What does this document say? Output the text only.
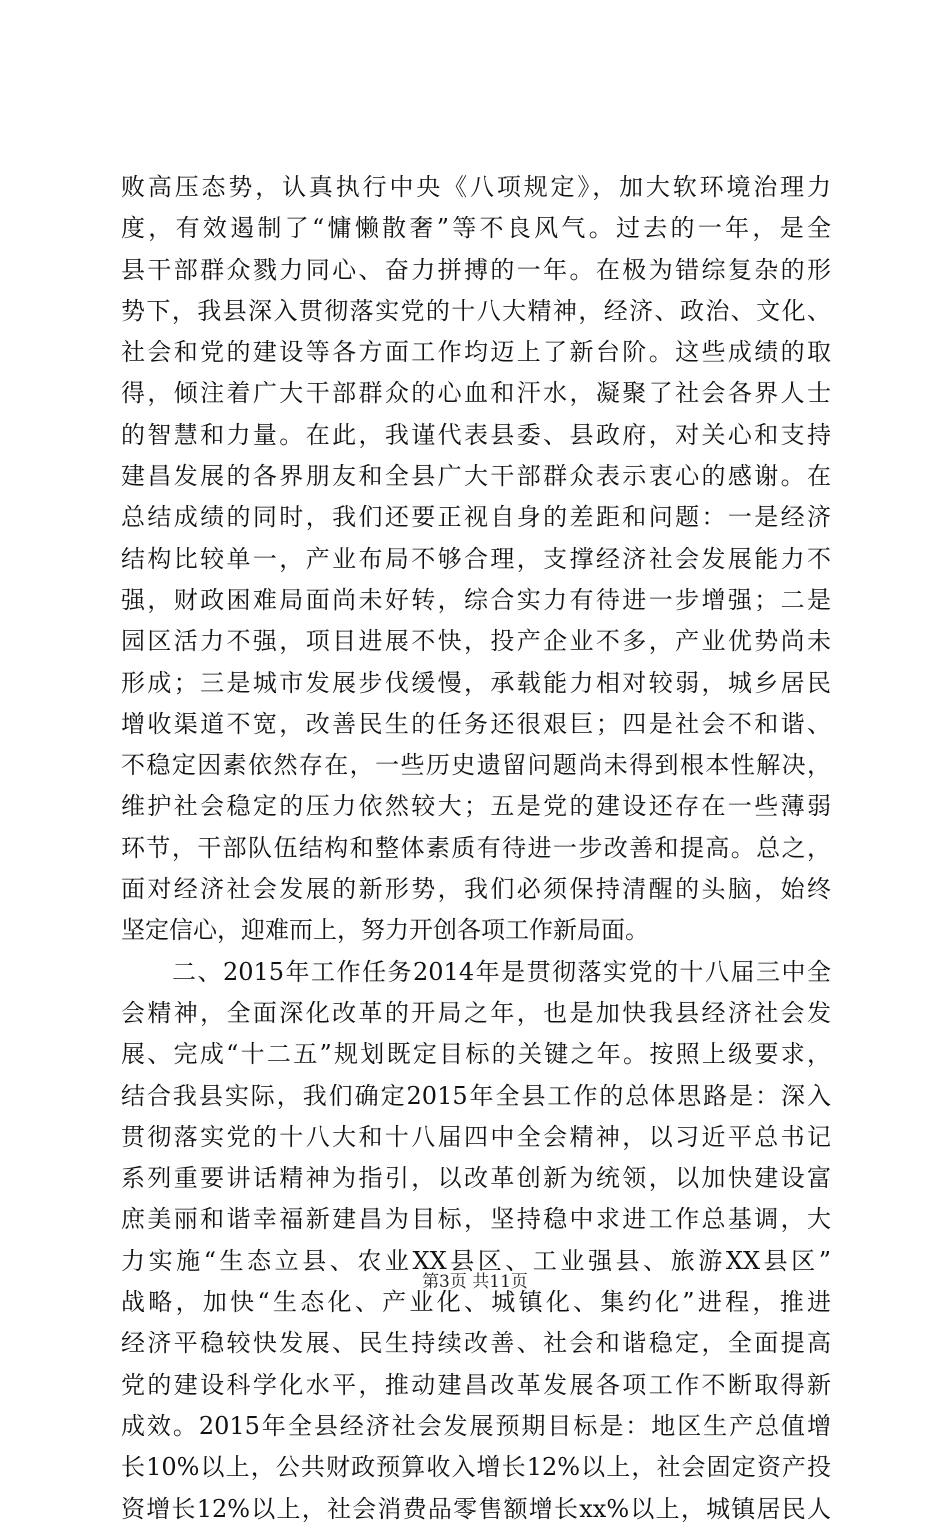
败高压态势，认真执行中央《八项规定》，加大软环境治理力
度，有效遏制了“慵懒散奢”等不良风气。过去的一年，是全
县干部群众戮力同心、奋力拼搏的一年。在极为错综复杂的形
势下，我县深入贯彻落实党的十八大精神，经济、政治、文化、
社会和党的建设等各方面工作均迈上了新台阶。这些成绩的取
得，倾注着广大干部群众的心血和汗水，凝聚了社会各界人士
的智慧和力量。在此，我谨代表县委、县政府，对关心和支持
建昌发展的各界朋友和全县广大干部群众表示衷心的感谢。在
总结成绩的同时，我们还要正视自身的差距和问题：一是经济
结构比较单一，产业布局不够合理，支撑经济社会发展能力不
强，财政困难局面尚未好转，综合实力有待进一步增强；二是
园区活力不强，项目进展不快，投产企业不多，产业优势尚未
形成；三是城市发展步伐缓慢，承载能力相对较弱，城乡居民
增收渠道不宽，改善民生的任务还很艰巨；四是社会不和谐、
不稳定因素依然存在，一些历史遗留问题尚未得到根本性解决，
维护社会稳定的压力依然较大；五是党的建设还存在一些薄弱
环节，干部队伍结构和整体素质有待进一步改善和提高。总之，
面对经济社会发展的新形势，我们必须保持清醒的头脑，始终
坚定信心，迎难而上，努力开创各项工作新局面。
　　二、2015年工作任务2014年是贯彻落实党的十八届三中全
会精神，全面深化改革的开局之年，也是加快我县经济社会发
展、完成“十二五”规划既定目标的关键之年。按照上级要求，
结合我县实际，我们确定2015年全县工作的总体思路是：深入
贯彻落实党的十八大和十八届四中全会精神，以习近平总书记
系列重要讲话精神为指引，以改革创新为统领，以加快建设富
庶美丽和谐幸福新建昌为目标，坚持稳中求进工作总基调，大
力实施“生态立县、农业XX县区、工业强县、旅游XX县区”
战略，加快“生态化、产业化、城镇化、集约化”进程，推进
经济平稳较快发展、民生持续改善、社会和谐稳定，全面提高
党的建设科学化水平，推动建昌改革发展各项工作不断取得新
成效。2015年全县经济社会发展预期目标是：地区生产总值增
长10%以上，公共财政预算收入增长12%以上，社会固定资产投
资增长12%以上，社会消费品零售额增长xx%以上，城镇居民人
第3页 共11页
